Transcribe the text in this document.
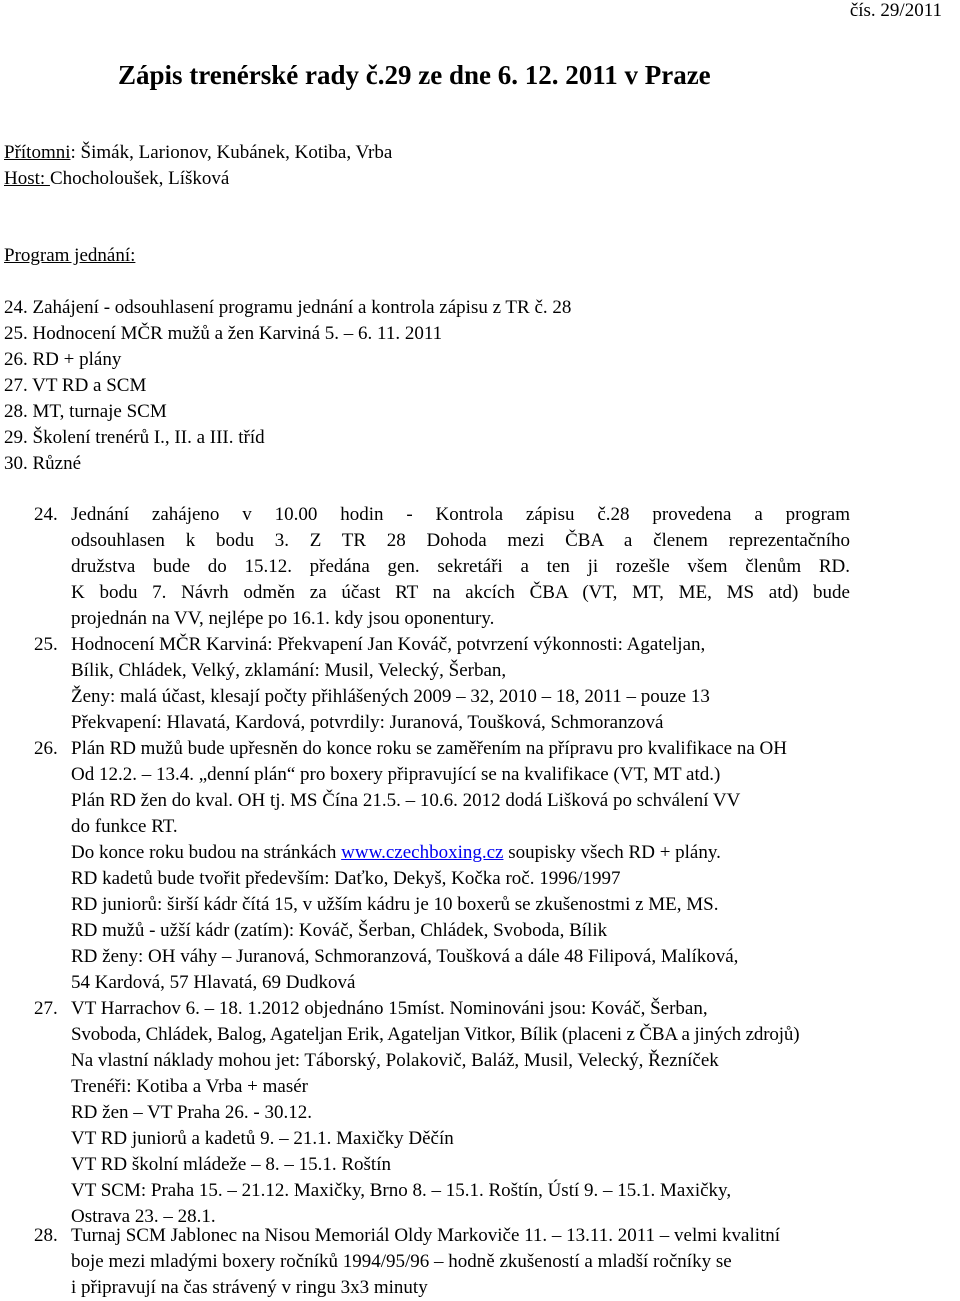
čís. 29/2011
Zápis trenérské rady č.29 ze dne 6. 12. 2011 v Praze
Přítomni: Šimák, Larionov, Kubánek, Kotiba, Vrba
Host: Chocholoušek, Líšková
Program jednání:
24. Zahájení - odsouhlasení programu jednání a kontrola zápisu z TR č. 28
25. Hodnocení MČR mužů a žen Karviná 5. – 6. 11. 2011
26. RD + plány
27. VT RD a SCM
28. MT, turnaje SCM
29. Školení trenérů I., II. a III. tříd
30. Různé
24. Jednání zahájeno v 10.00 hodin - Kontrola zápisu č.28 provedena a program
odsouhlasen k bodu 3. Z TR 28 Dohoda mezi ČBA a členem reprezentačního
družstva bude do 15.12. předána gen. sekretáři a ten ji rozešle všem členům RD.
K bodu 7. Návrh odměn za účast RT na akcích ČBA (VT, MT, ME, MS atd) bude
projednán na VV, nejlépe po 16.1. kdy jsou oponentury.
25. Hodnocení MČR Karviná: Překvapení Jan Kováč, potvrzení výkonnosti: Agateljan,
Bílik, Chládek, Velký, zklamání: Musil, Velecký, Šerban,
Ženy: malá účast, klesají počty přihlášených 2009 – 32, 2010 – 18, 2011 – pouze 13
Překvapení: Hlavatá, Kardová, potvrdily: Juranová, Toušková, Schmoranzová
26. Plán RD mužů bude upřesněn do konce roku se zaměřením na přípravu pro kvalifikace na OH
Od 12.2. – 13.4. „denní plán“ pro boxery připravující se na kvalifikace (VT, MT atd.)
Plán RD žen do kval. OH tj. MS Čína 21.5. – 10.6. 2012 dodá Lišková po schválení VV
do funkce RT.
Do konce roku budou na stránkách www.czechboxing.cz soupisky všech RD + plány.
RD kadetů bude tvořit především: Daťko, Dekyš, Kočka roč. 1996/1997
RD juniorů: širší kádr čítá 15, v užším kádru je 10 boxerů se zkušenostmi z ME, MS.
RD mužů - užší kádr (zatím): Kováč, Šerban, Chládek, Svoboda, Bílik
RD ženy: OH váhy – Juranová, Schmoranzová, Toušková a dále 48 Filipová, Malíková,
54 Kardová, 57 Hlavatá, 69 Dudková
27. VT Harrachov 6. – 18. 1.2012 objednáno 15míst. Nominováni jsou: Kováč, Šerban,
Svoboda, Chládek, Balog, Agateljan Erik, Agateljan Vitkor, Bílik (placeni z ČBA a jiných zdrojů)
Na vlastní náklady mohou jet: Táborský, Polakovič, Baláž, Musil, Velecký, Řezníček
Trenéři: Kotiba a Vrba + masér
RD žen – VT Praha 26. - 30.12.
VT RD juniorů a kadetů 9. – 21.1. Maxičky Děčín
VT RD školní mládeže – 8. – 15.1. Roštín
VT SCM: Praha 15. – 21.12. Maxičky, Brno 8. – 15.1. Roštín, Ústí 9. – 15.1. Maxičky,
Ostrava 23. – 28.1.
28. Turnaj SCM Jablonec na Nisou Memoriál Oldy Markoviče 11. – 13.11. 2011 – velmi kvalitní
boje mezi mladými boxery ročníků 1994/95/96 – hodně zkušeností a mladší ročníky se
i připravují na čas strávený v ringu 3x3 minuty
